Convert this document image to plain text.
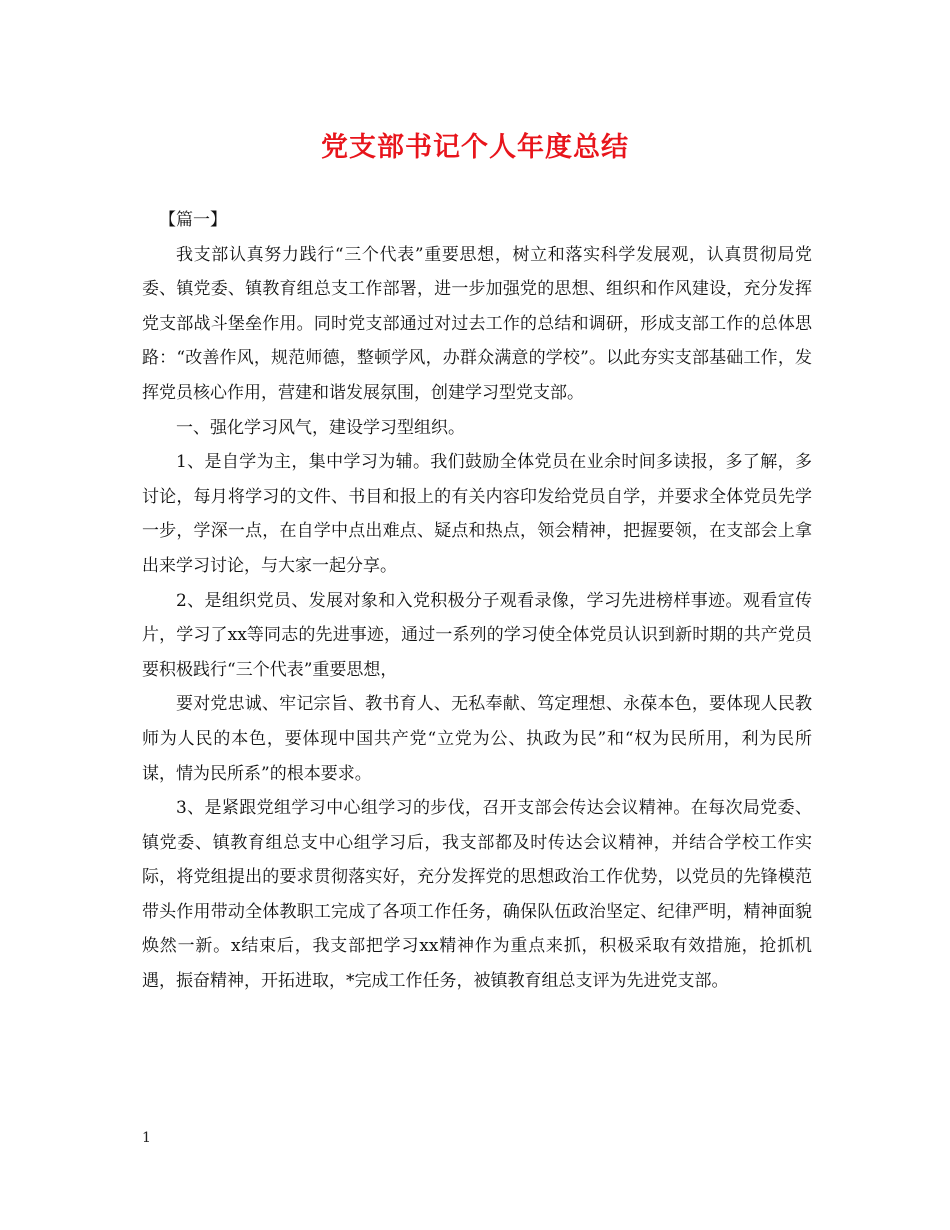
党支部书记个人年度总结

【篇一】

我支部认真努力践行“三个代表”重要思想，树立和落实科学发展观，认真贯彻局党委、镇党委、镇教育组总支工作部署，进一步加强党的思想、组织和作风建设，充分发挥党支部战斗堡垒作用。同时党支部通过对过去工作的总结和调研，形成支部工作的总体思路：“改善作风，规范师德，整顿学风，办群众满意的学校”。以此夯实支部基础工作，发挥党员核心作用，营建和谐发展氛围，创建学习型党支部。

一、强化学习风气，建设学习型组织。

1、是自学为主，集中学习为辅。我们鼓励全体党员在业余时间多读报，多了解，多讨论，每月将学习的文件、书目和报上的有关内容印发给党员自学，并要求全体党员先学一步，学深一点，在自学中点出难点、疑点和热点，领会精神，把握要领，在支部会上拿出来学习讨论，与大家一起分享。

2、是组织党员、发展对象和入党积极分子观看录像，学习先进榜样事迹。观看宣传片，学习了xx等同志的先进事迹，通过一系列的学习使全体党员认识到新时期的共产党员要积极践行“三个代表”重要思想，

要对党忠诚、牢记宗旨、教书育人、无私奉献、笃定理想、永葆本色，要体现人民教师为人民的本色，要体现中国共产党“立党为公、执政为民”和“权为民所用，利为民所谋，情为民所系”的根本要求。

3、是紧跟党组学习中心组学习的步伐，召开支部会传达会议精神。在每次局党委、镇党委、镇教育组总支中心组学习后，我支部都及时传达会议精神，并结合学校工作实际，将党组提出的要求贯彻落实好，充分发挥党的思想政治工作优势，以党员的先锋模范带头作用带动全体教职工完成了各项工作任务，确保队伍政治坚定、纪律严明，精神面貌焕然一新。x结束后，我支部把学习xx精神作为重点来抓，积极采取有效措施，抢抓机遇，振奋精神，开拓进取，*完成工作任务，被镇教育组总支评为先进党支部。

1
